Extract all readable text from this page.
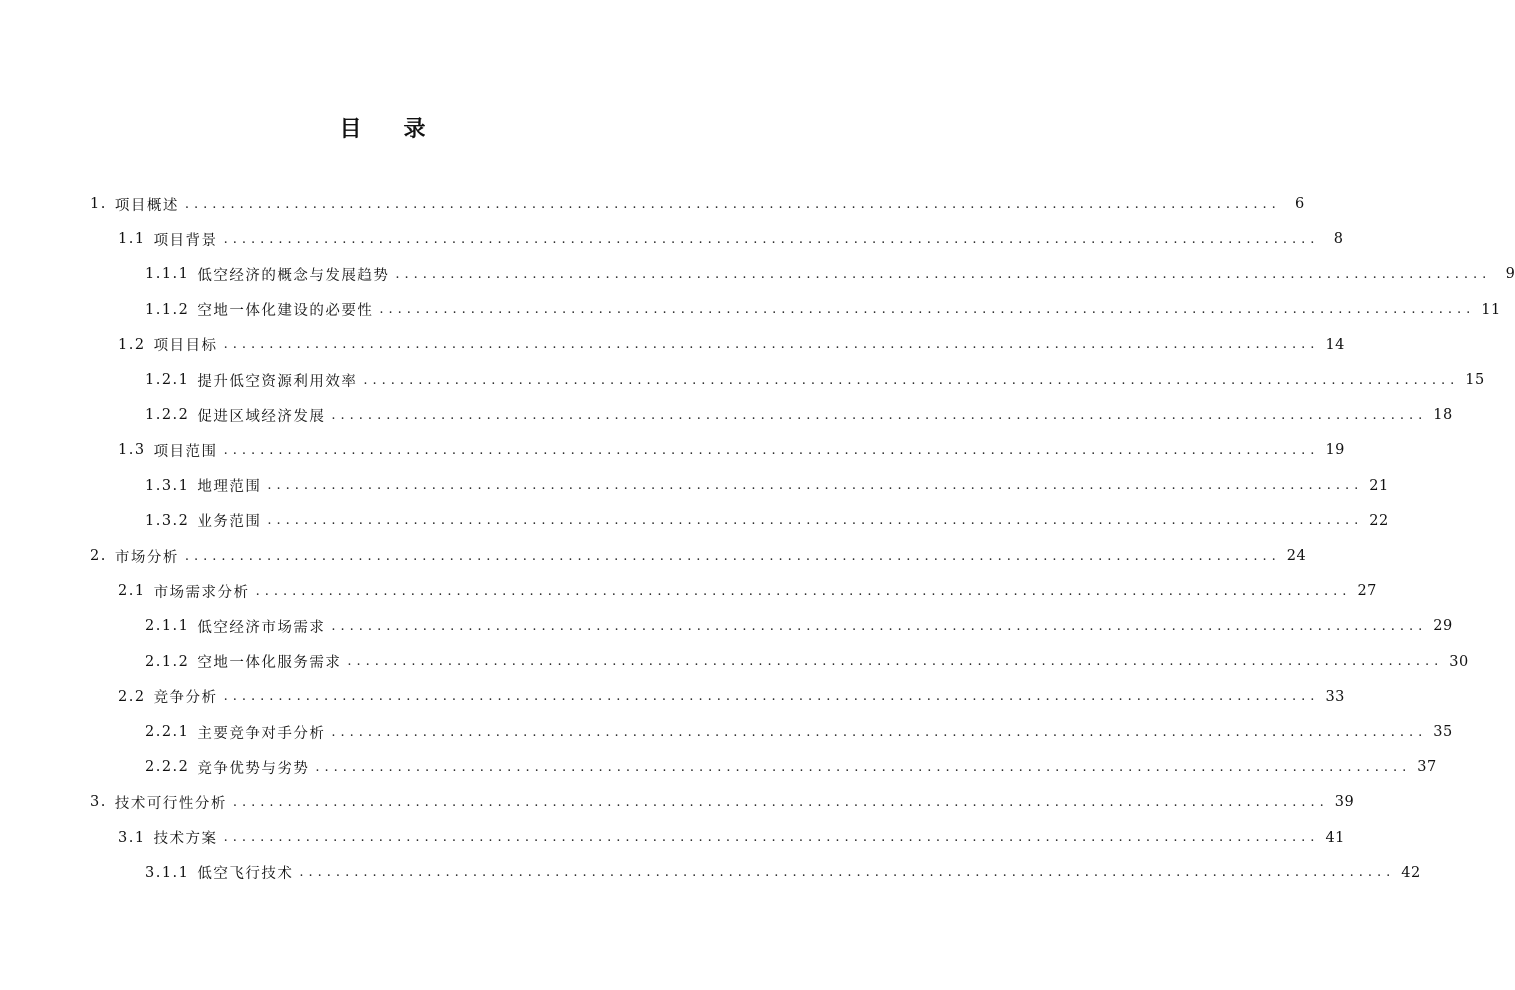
目 录
1. 项目概述 ........................................................................................................................ 6
1.1 项目背景 ........................................................................................................................ 8
1.1.1 低空经济的概念与发展趋势 ........................................................................................................................ 9
1.1.2 空地一体化建设的必要性 ........................................................................................................................ 11
1.2 项目目标 ........................................................................................................................ 14
1.2.1 提升低空资源利用效率 ........................................................................................................................ 15
1.2.2 促进区域经济发展 ........................................................................................................................ 18
1.3 项目范围 ........................................................................................................................ 19
1.3.1 地理范围 ........................................................................................................................ 21
1.3.2 业务范围 ........................................................................................................................ 22
2. 市场分析 ........................................................................................................................ 24
2.1 市场需求分析 ........................................................................................................................ 27
2.1.1 低空经济市场需求 ........................................................................................................................ 29
2.1.2 空地一体化服务需求 ........................................................................................................................ 30
2.2 竞争分析 ........................................................................................................................ 33
2.2.1 主要竞争对手分析 ........................................................................................................................ 35
2.2.2 竞争优势与劣势 ........................................................................................................................ 37
3. 技术可行性分析 ........................................................................................................................ 39
3.1 技术方案 ........................................................................................................................ 41
3.1.1 低空飞行技术 ........................................................................................................................ 42
